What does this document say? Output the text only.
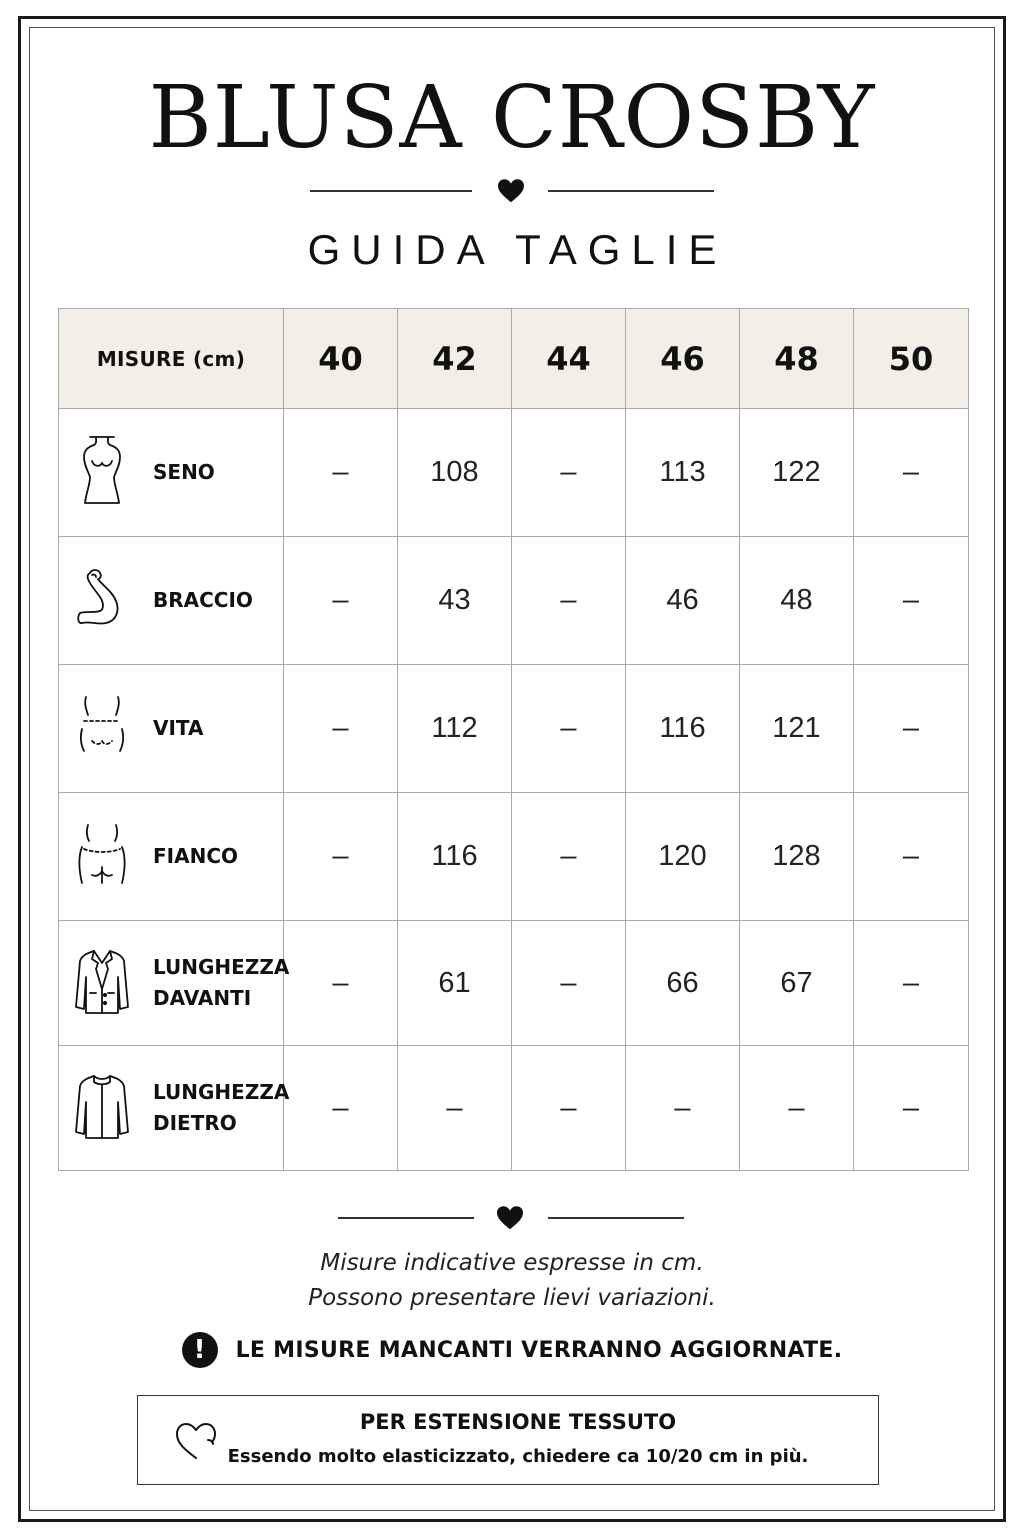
BLUSA CROSBY
GUIDA TAGLIE
MISURE (cm)	40	42	44	46	48	50

SENO	–	108	–	113	122	–

BRACCIO	–	43	–	46	48	–

VITA	–	112	–	116	121	–

FIANCO	–	116	–	120	128	–

LUNGHEZZA
DAVANTI	–	61	–	66	67	–

LUNGHEZZA
DIETRO	–	–	–	–	–	–
Misure indicative espresse in cm.
Possono presentare lievi variazioni.
!	LE MISURE MANCANTI VERRANNO AGGIORNATE.
PER ESTENSIONE TESSUTO
Essendo molto elasticizzato, chiedere ca 10/20 cm in più.
